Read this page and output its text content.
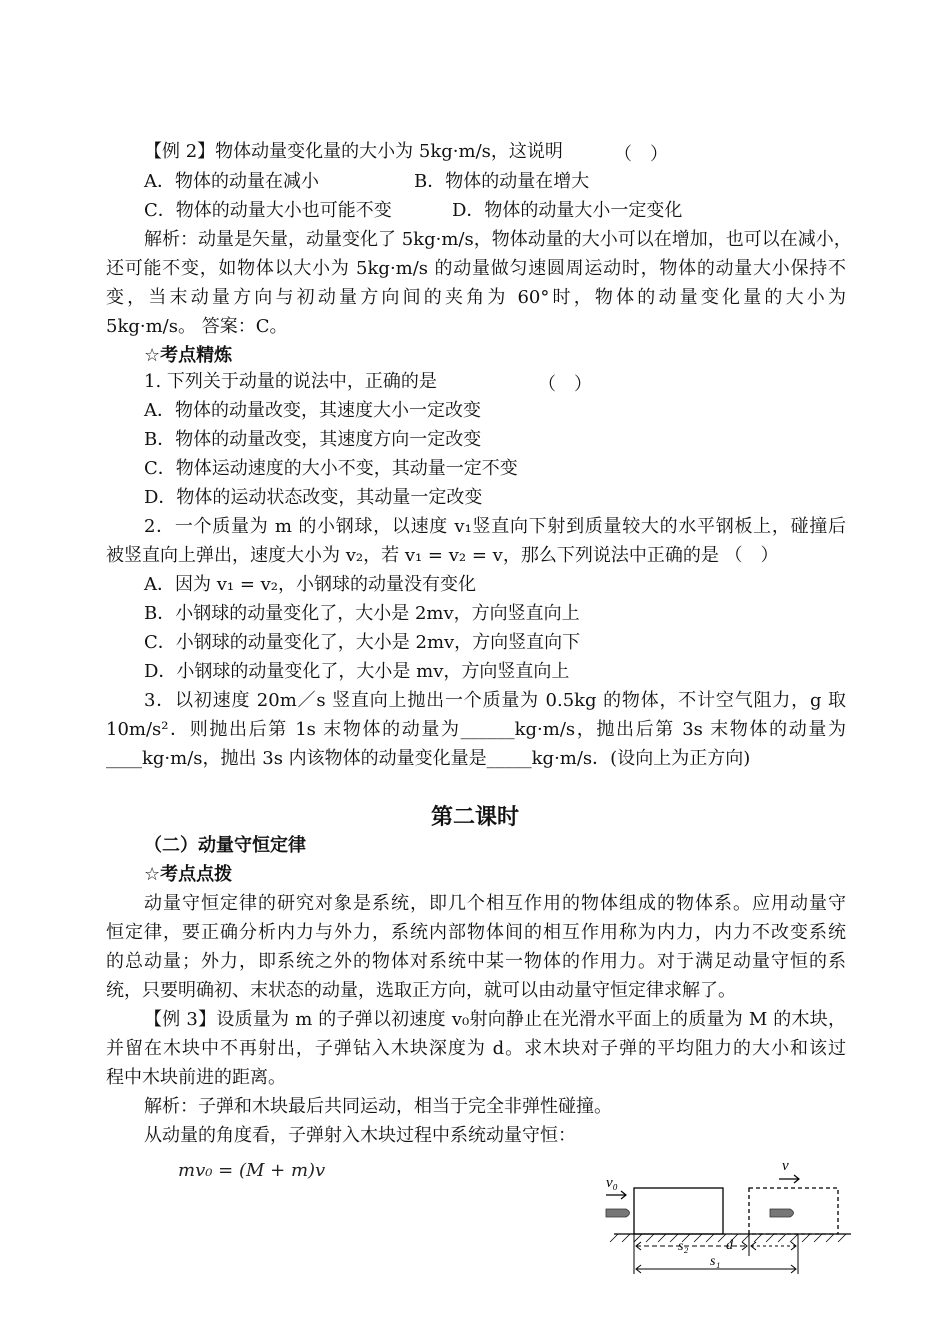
【例 2】物体动量变化量的大小为 5kg·m/s，这说明	（　）
A．物体的动量在减小	B．物体的动量在增大
C．物体的动量大小也可能不变	D．物体的动量大小一定变化
解析：动量是矢量，动量变化了 5kg·m/s，物体动量的大小可以在增加，也可以在减小，
还可能不变，如物体以大小为 5kg·m/s 的动量做匀速圆周运动时，物体的动量大小保持不
变，当末动量方向与初动量方向间的夹角为 60°时，物体的动量变化量的大小为
5kg·m/s。 答案：C。
☆考点精炼
1. 下列关于动量的说法中，正确的是	（　）
A．物体的动量改变，其速度大小一定改变
B．物体的动量改变，其速度方向一定改变
C．物体运动速度的大小不变，其动量一定不变
D．物体的运动状态改变，其动量一定改变
2．一个质量为 m 的小钢球，以速度 v₁竖直向下射到质量较大的水平钢板上，碰撞后
被竖直向上弹出，速度大小为 v₂，若 v₁ = v₂ = v，那么下列说法中正确的是 （　）
A．因为 v₁ = v₂，小钢球的动量没有变化
B．小钢球的动量变化了，大小是 2mv，方向竖直向上
C．小钢球的动量变化了，大小是 2mv，方向竖直向下
D．小钢球的动量变化了，大小是 mv，方向竖直向上
3．以初速度 20m／s 竖直向上抛出一个质量为 0.5kg 的物体，不计空气阻力，g 取
10m/s²．则抛出后第 1s 末物体的动量为______kg·m/s，抛出后第 3s 末物体的动量为
____kg·m/s，抛出 3s 内该物体的动量变化量是_____kg·m/s．(设向上为正方向)
第二课时
（二）动量守恒定律
☆考点点拨
动量守恒定律的研究对象是系统，即几个相互作用的物体组成的物体系。应用动量守
恒定律，要正确分析内力与外力，系统内部物体间的相互作用称为内力，内力不改变系统
的总动量；外力，即系统之外的物体对系统中某一物体的作用力。对于满足动量守恒的系
统，只要明确初、末状态的动量，选取正方向，就可以由动量守恒定律求解了。
【例 3】设质量为 m 的子弹以初速度 v₀射向静止在光滑水平面上的质量为 M 的木块，
并留在木块中不再射出，子弹钻入木块深度为 d。求木块对子弹的平均阻力的大小和该过
程中木块前进的距离。
解析：子弹和木块最后共同运动，相当于完全非弹性碰撞。
从动量的角度看，子弹射入木块过程中系统动量守恒：
mv₀ = (M + m)v
v₀
v
s₂	d
s₁
